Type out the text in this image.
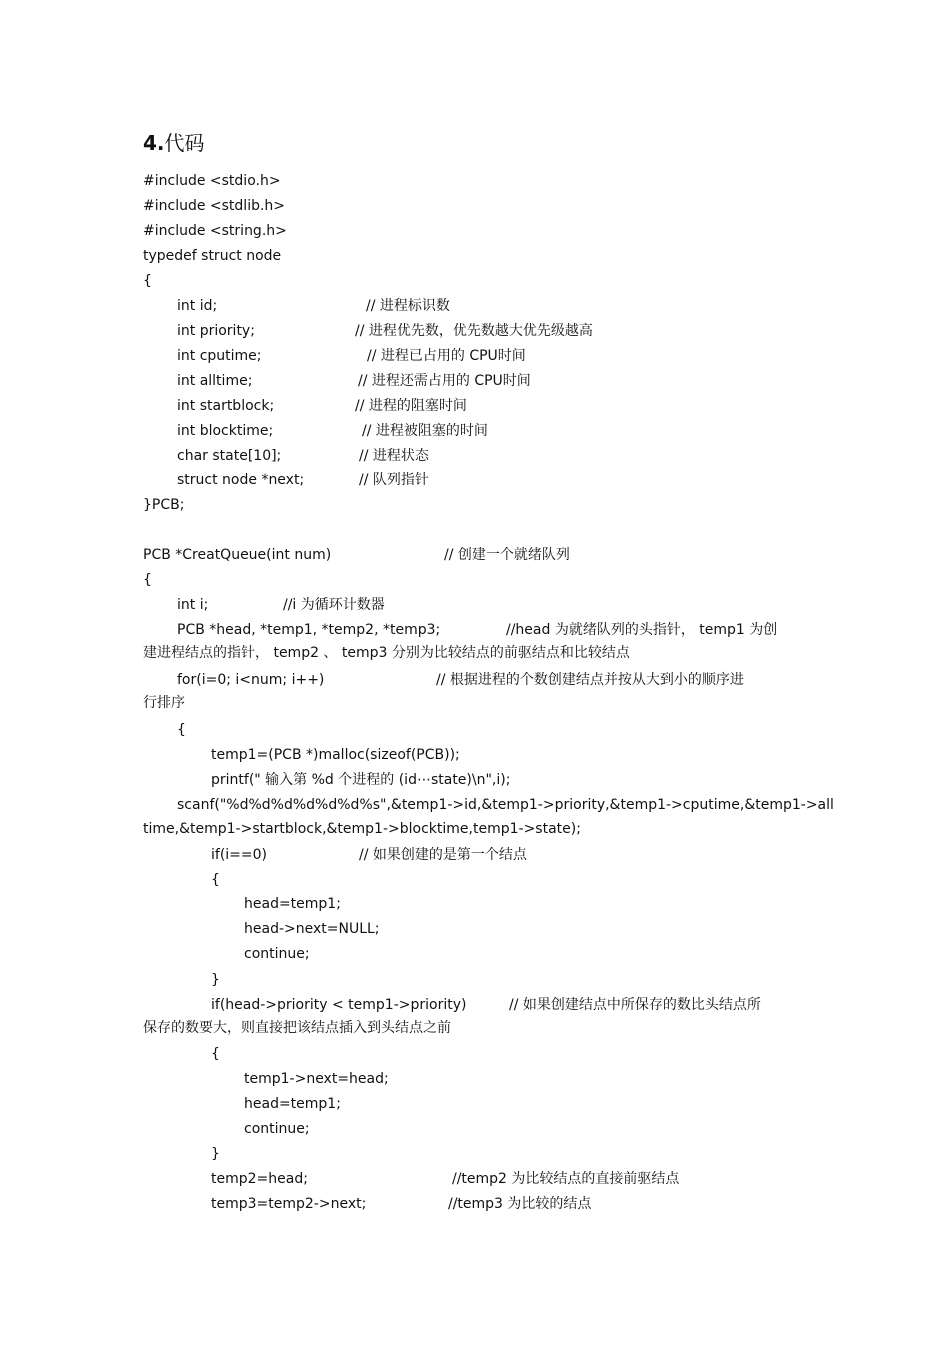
4.代码
#include <stdio.h>
#include <stdlib.h>
#include <string.h>
typedef struct node
{
int id;	// 进程标识数
int priority;	// 进程优先数，优先数越大优先级越高
int cputime;	// 进程已占用的 CPU时间
int alltime;	// 进程还需占用的 CPU时间
int startblock;	// 进程的阻塞时间
int blocktime;	// 进程被阻塞的时间
char state[10];	// 进程状态
struct node *next;	// 队列指针
}PCB;
PCB *CreatQueue(int num)	// 创建一个就绪队列
{
int i;	//i 为循环计数器
PCB *head, *temp1, *temp2, *temp3;	//head 为就绪队列的头指针， temp1 为创
建进程结点的指针， temp2 、 temp3 分别为比较结点的前驱结点和比较结点
for(i=0; i<num; i++)	// 根据进程的个数创建结点并按从大到小的顺序进
行排序
{
temp1=(PCB *)malloc(sizeof(PCB));
printf(" 输入第 %d 个进程的 (id⋯state)\n",i);
scanf("%d%d%d%d%d%d%s",&temp1->id,&temp1->priority,&temp1->cputime,&temp1->all
time,&temp1->startblock,&temp1->blocktime,temp1->state);
if(i==0)	// 如果创建的是第一个结点
{
head=temp1;
head->next=NULL;
continue;
}
if(head->priority < temp1->priority)	// 如果创建结点中所保存的数比头结点所
保存的数要大，则直接把该结点插入到头结点之前
{
temp1->next=head;
head=temp1;
continue;
}
temp2=head;	//temp2 为比较结点的直接前驱结点
temp3=temp2->next;	//temp3 为比较的结点
